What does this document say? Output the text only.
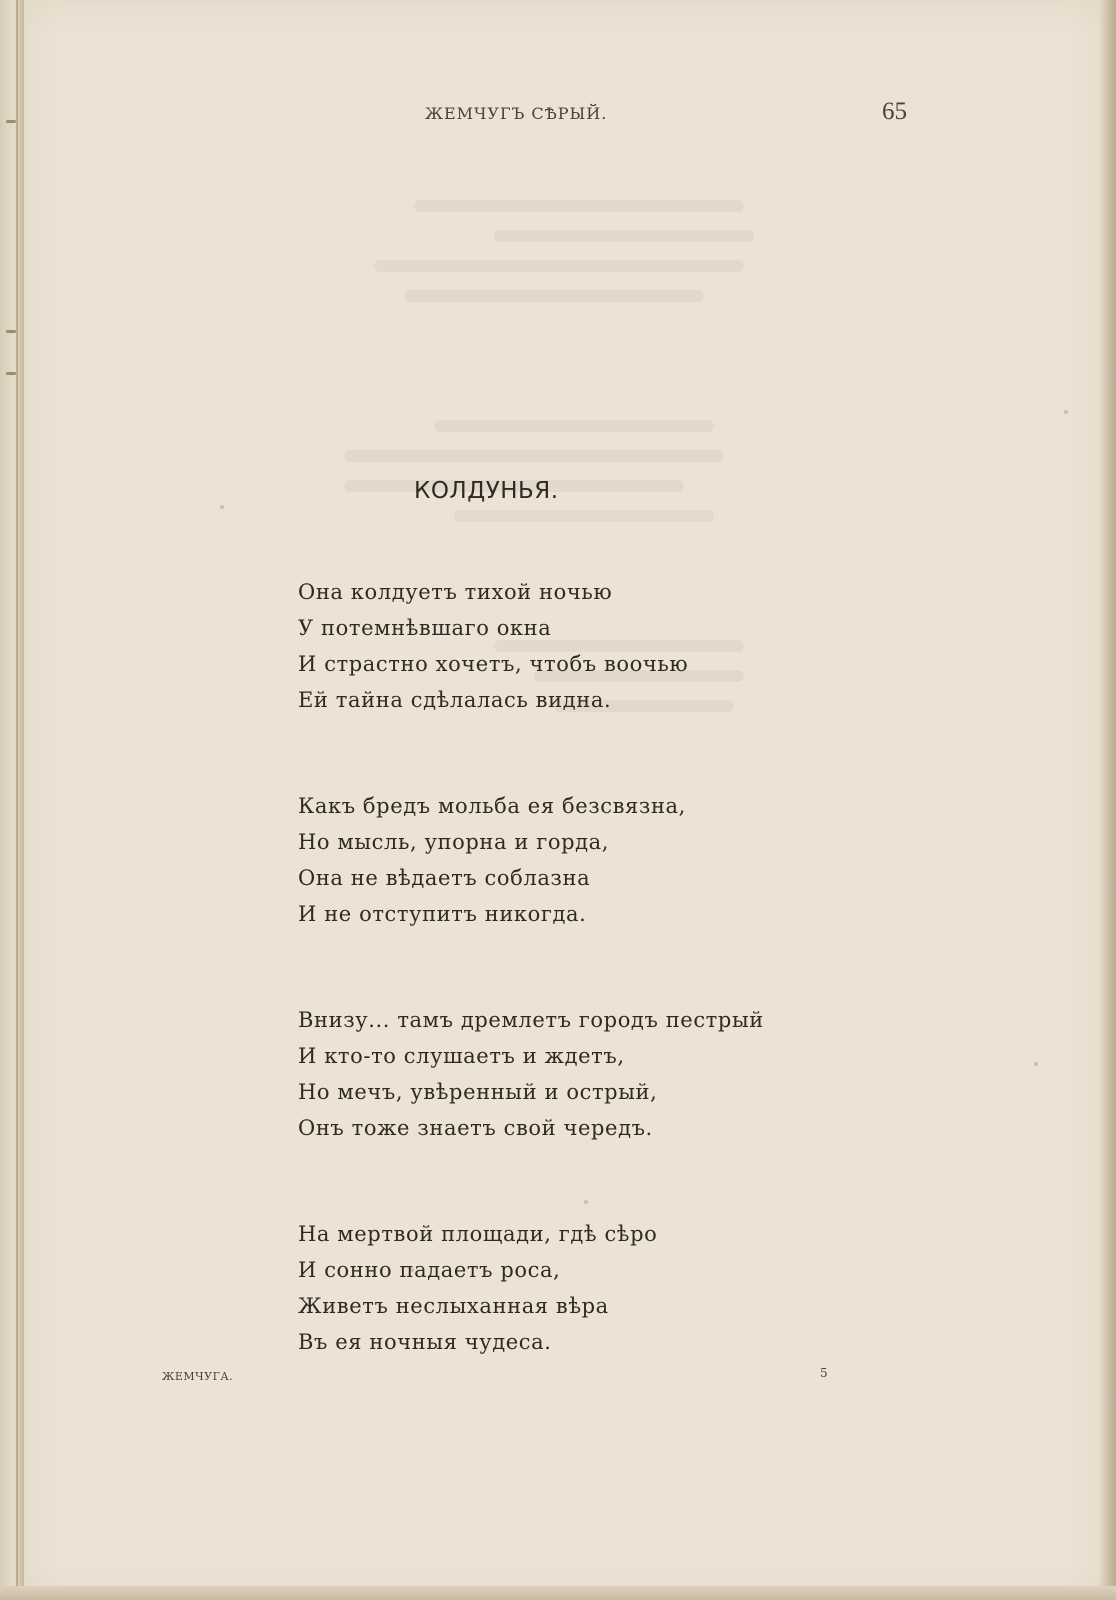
ЖЕМЧУГЪ СѢРЫЙ.	65
КОЛДУНЬЯ.
Она колдуетъ тихой ночью
У потемнѣвшаго окна
И страстно хочетъ, чтобъ воочью
Ей тайна сдѣлалась видна.
Какъ бредъ мольба ея безсвязна,
Но мысль, упорна и горда,
Она не вѣдаетъ соблазна
И не отступитъ никогда.
Внизу... тамъ дремлетъ городъ пестрый
И кто-то слушаетъ и ждетъ,
Но мечъ, увѣренный и острый,
Онъ тоже знаетъ свой чередъ.
На мертвой площади, гдѣ сѣро
И сонно падаетъ роса,
Живетъ неслыханная вѣра
Въ ея ночныя чудеса.
ЖЕМЧУГА.	5
